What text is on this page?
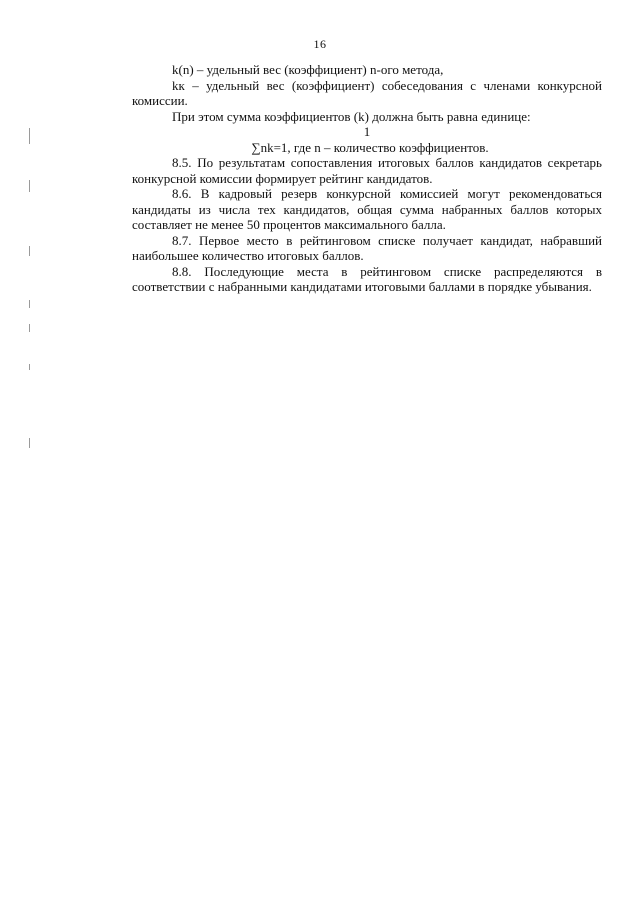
16

k(n) – удельный вес (коэффициент) n-ого метода,

kк – удельный вес (коэффициент) собеседования с членами конкурсной комиссии.

При этом сумма коэффициентов (k) должна быть равна единице:

1

∑nk=1, где n – количество коэффициентов.

8.5. По результатам сопоставления итоговых баллов кандидатов секретарь конкурсной комиссии формирует рейтинг кандидатов.

8.6. В кадровый резерв конкурсной комиссией могут рекомендоваться кандидаты из числа тех кандидатов, общая сумма набранных баллов которых составляет не менее 50 процентов максимального балла.

8.7. Первое место в рейтинговом списке получает кандидат, набравший наибольшее количество итоговых баллов.

8.8. Последующие места в рейтинговом списке распределяются в соответствии с набранными кандидатами итоговыми баллами в порядке убывания.
